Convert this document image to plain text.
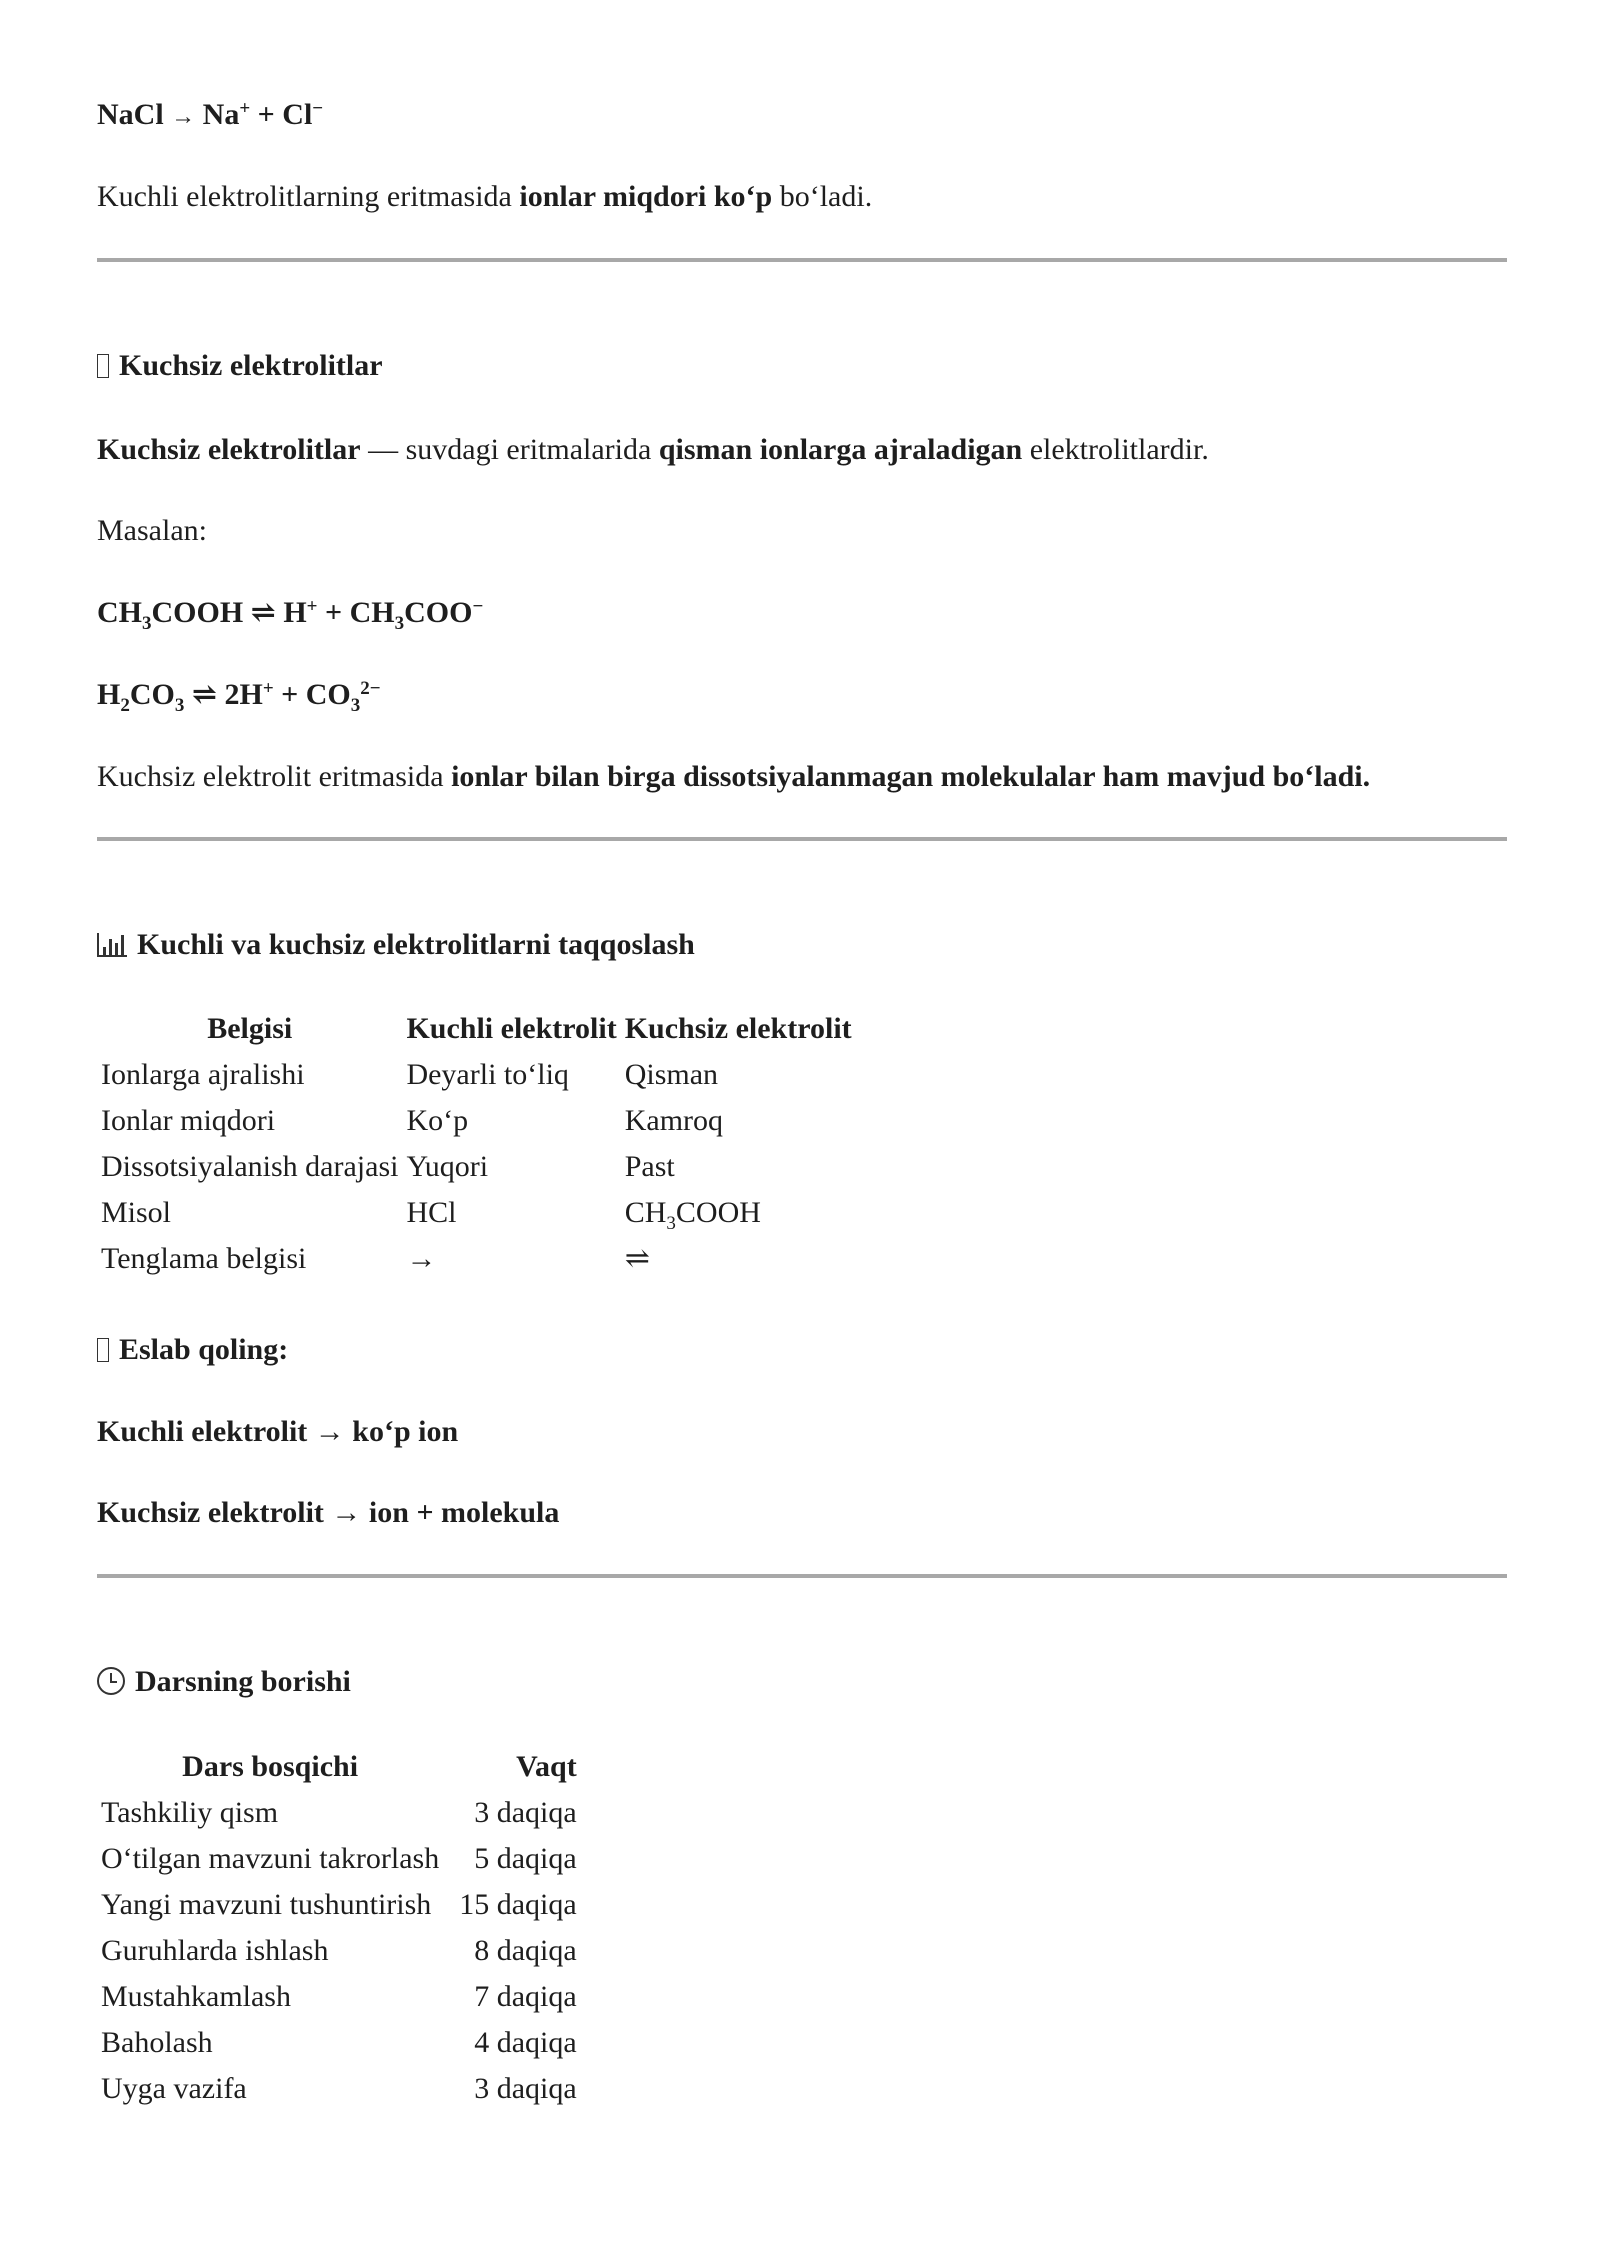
NaCl → Na+ + Cl−
Kuchli elektrolitlarning eritmasida ionlar miqdori ko‘p bo‘ladi.
Kuchsiz elektrolitlar
Kuchsiz elektrolitlar — suvdagi eritmalarida qisman ionlarga ajraladigan elektrolitlardir.
Masalan:
$CH_3COOH$ ⇌ $H^+ + CH_3COO^-$
$H_2CO_3$ ⇌ $2H^+ + CO_3^{2-}$
Kuchsiz elektrolit eritmasida ionlar bilan birga dissotsiyalanmagan molekulalar ham mavjud bo‘ladi.
Kuchli va kuchsiz elektrolitlarni taqqoslash
Belgisi	Kuchli elektrolit	Kuchsiz elektrolit
Ionlarga ajralishi	Deyarli to‘liq	Qisman
Ionlar miqdori	Ko‘p	Kamroq
Dissotsiyalanish darajasi	Yuqori	Past
Misol	HCl	$CH_3COOH$
Tenglama belgisi	→	⇌
Eslab qoling:
Kuchli elektrolit → ko‘p ion
Kuchsiz elektrolit → ion + molekula
Darsning borishi
Dars bosqichi	Vaqt
Tashkiliy qism	3 daqiqa
O‘tilgan mavzuni takrorlash	5 daqiqa
Yangi mavzuni tushuntirish	15 daqiqa
Guruhlarda ishlash	8 daqiqa
Mustahkamlash	7 daqiqa
Baholash	4 daqiqa
Uyga vazifa	3 daqiqa
